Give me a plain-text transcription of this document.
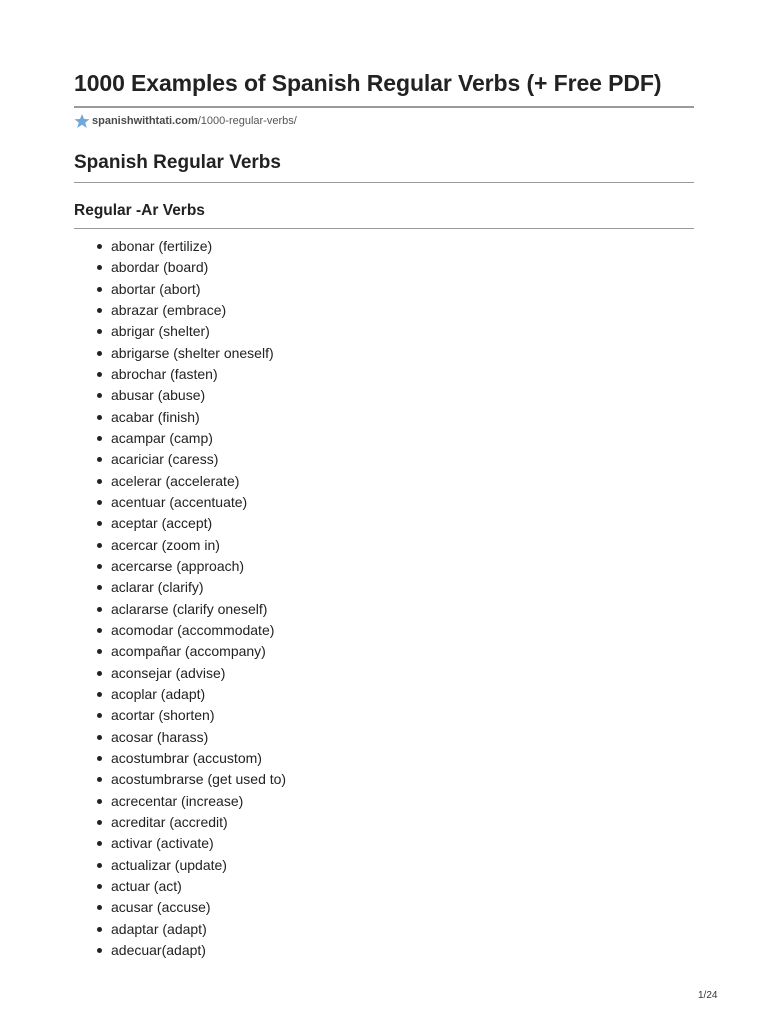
1000 Examples of Spanish Regular Verbs (+ Free PDF)
spanishwithtati.com /1000-regular-verbs/
Spanish Regular Verbs
Regular -Ar Verbs
abonar (fertilize)
abordar (board)
abortar (abort)
abrazar (embrace)
abrigar (shelter)
abrigarse (shelter oneself)
abrochar (fasten)
abusar (abuse)
acabar (finish)
acampar (camp)
acariciar (caress)
acelerar (accelerate)
acentuar (accentuate)
aceptar (accept)
acercar (zoom in)
acercarse (approach)
aclarar (clarify)
aclararse (clarify oneself)
acomodar (accommodate)
acompañar (accompany)
aconsejar (advise)
acoplar (adapt)
acortar (shorten)
acosar (harass)
acostumbrar (accustom)
acostumbrarse (get used to)
acrecentar (increase)
acreditar (accredit)
activar (activate)
actualizar (update)
actuar (act)
acusar (accuse)
adaptar (adapt)
adecuar(adapt)
1/24
